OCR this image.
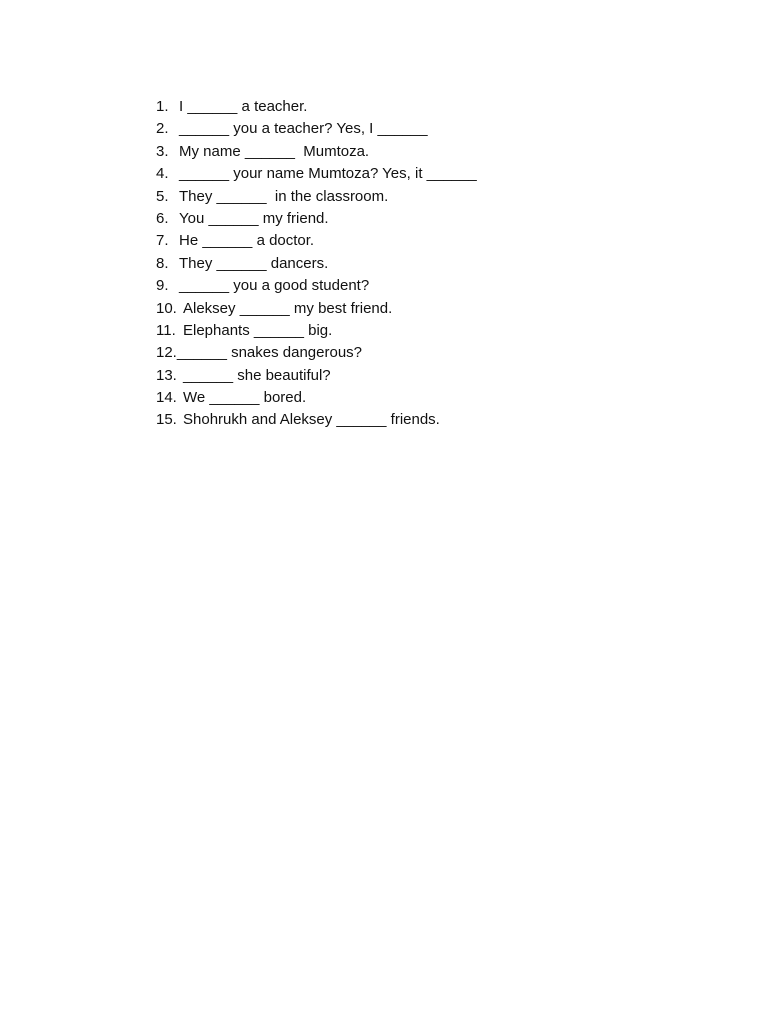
1. I ______ a teacher.
2. ______ you a teacher? Yes, I ______
3. My name ______  Mumtoza.
4. ______ your name Mumtoza? Yes, it ______
5. They ______  in the classroom.
6. You ______ my friend.
7. He ______ a doctor.
8. They ______ dancers.
9. ______ you a good student?
10. Aleksey ______ my best friend.
11. Elephants ______ big.
12.______ snakes dangerous?
13. ______ she beautiful?
14. We ______ bored.
15. Shohrukh and Aleksey ______ friends.
